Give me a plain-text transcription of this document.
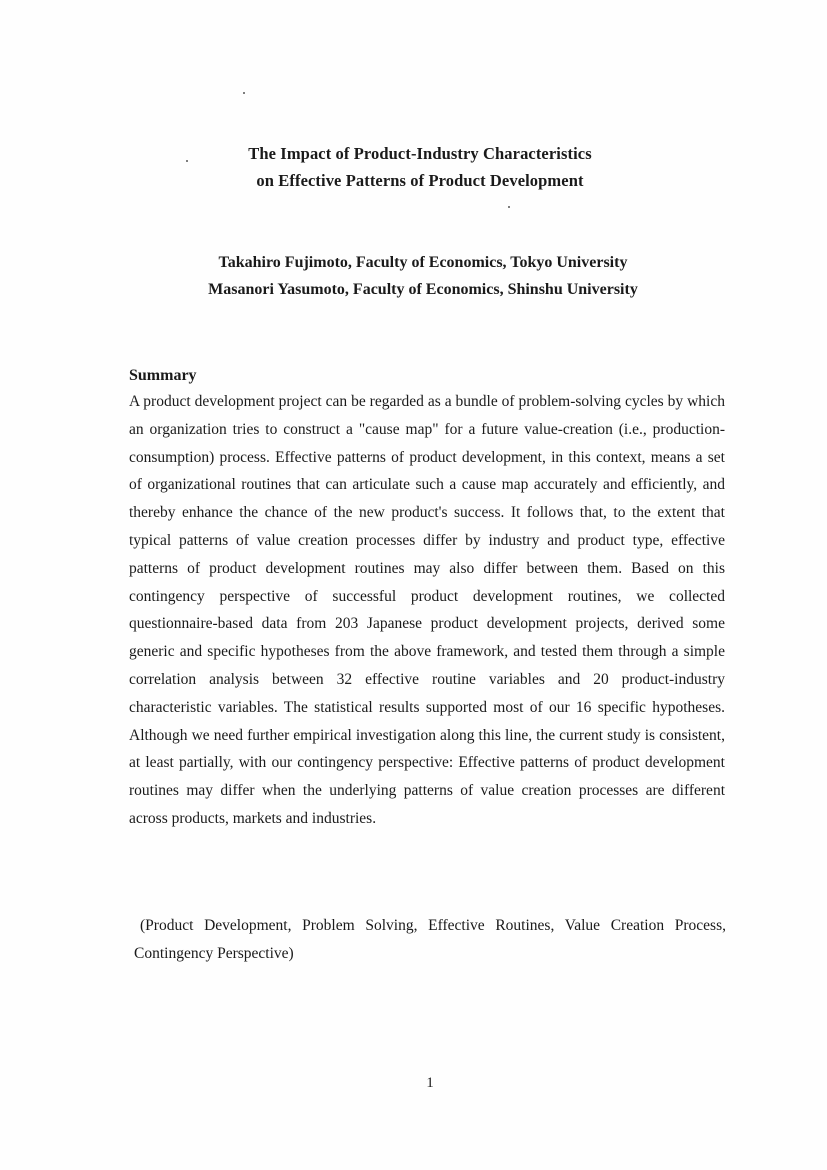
The Impact of Product-Industry Characteristics
on Effective Patterns of Product Development
Takahiro Fujimoto, Faculty of Economics, Tokyo University
Masanori Yasumoto, Faculty of Economics, Shinshu University
Summary

A product development project can be regarded as a bundle of problem-solving cycles by which an organization tries to construct a "cause map" for a future value-creation (i.e., production-consumption) process. Effective patterns of product development, in this context, means a set of organizational routines that can articulate such a cause map accurately and efficiently, and thereby enhance the chance of the new product's success. It follows that, to the extent that typical patterns of value creation processes differ by industry and product type, effective patterns of product development routines may also differ between them. Based on this contingency perspective of successful product development routines, we collected questionnaire-based data from 203 Japanese product development projects, derived some generic and specific hypotheses from the above framework, and tested them through a simple correlation analysis between 32 effective routine variables and 20 product-industry characteristic variables. The statistical results supported most of our 16 specific hypotheses. Although we need further empirical investigation along this line, the current study is consistent, at least partially, with our contingency perspective: Effective patterns of product development routines may differ when the underlying patterns of value creation processes are different across products, markets and industries.

(Product Development, Problem Solving, Effective Routines, Value Creation Process, Contingency Perspective)

1
